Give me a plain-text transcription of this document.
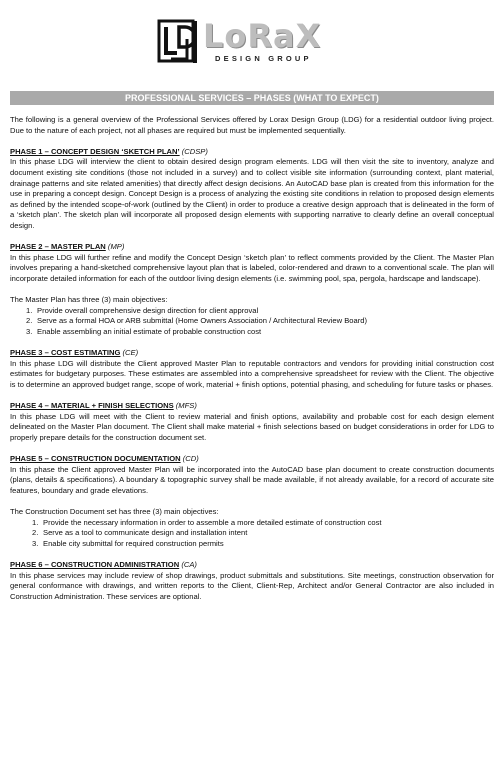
LoRaX
DESIGN GROUP
PROFESSIONAL SERVICES – PHASES (WHAT TO EXPECT)

The following is a general overview of the Professional Services offered by Lorax Design Group (LDG) for a residential outdoor living project. Due to the nature of each project, not all phases are required but must be implemented sequentially.

PHASE 1 – CONCEPT DESIGN ‘SKETCH PLAN’ (CDSP)

In this phase LDG will interview the client to obtain desired design program elements. LDG will then visit the site to inventory, analyze and document existing site conditions (those not included in a survey) and to collect visible site information (surrounding context, plant material, drainage patterns and site related amenities) that directly affect design decisions. An AutoCAD base plan is created from this information for the use in preparing a concept design. Concept Design is a process of analyzing the existing site conditions in relation to proposed design elements as defined by the intended scope-of-work (outlined by the Client) in order to produce a creative design approach that is delineated in the form of a ‘sketch plan’. The sketch plan will incorporate all proposed design elements with supporting narrative to clearly define an overall conceptual design.

PHASE 2 – MASTER PLAN (MP)

In this phase LDG will further refine and modify the Concept Design ‘sketch plan’ to reflect comments provided by the Client. The Master Plan involves preparing a hand-sketched comprehensive layout plan that is labeled, color-rendered and drawn to a conventional scale. The plan will incorporate detailed information for each of the outdoor living design elements (i.e. swimming pool, spa, pergola, hardscape and landscape).

The Master Plan has three (3) main objectives:

1. Provide overall comprehensive design direction for client approval
2. Serve as a formal HOA or ARB submittal (Home Owners Association / Architectural Review Board)
3. Enable assembling an initial estimate of probable construction cost

PHASE 3 – COST ESTIMATING (CE)

In this phase LDG will distribute the Client approved Master Plan to reputable contractors and vendors for providing initial construction cost estimates for budgetary purposes. These estimates are assembled into a comprehensive spreadsheet for review with the Client. The objective is to determine an approved budget range, scope of work, material + finish options, potential phasing, and scheduling for future tasks or phases.

PHASE 4 – MATERIAL + FINISH SELECTIONS (MFS)

In this phase LDG will meet with the Client to review material and finish options, availability and probable cost for each design element delineated on the Master Plan document. The Client shall make material + finish selections based on budget considerations in order for LDG to properly prepare details for the construction document set.

PHASE 5 – CONSTRUCTION DOCUMENTATION (CD)

In this phase the Client approved Master Plan will be incorporated into the AutoCAD base plan document to create construction documents (plans, details & specifications). A boundary & topographic survey shall be made available, if not already available, for a record of accurate site features, boundary and grade elevations.

The Construction Document set has three (3) main objectives:

1. Provide the necessary information in order to assemble a more detailed estimate of construction cost
2. Serve as a tool to communicate design and installation intent
3. Enable city submittal for required construction permits

PHASE 6 – CONSTRUCTION ADMINISTRATION (CA)

In this phase services may include review of shop drawings, product submittals and substitutions. Site meetings, construction observation for general conformance with drawings, and written reports to the Client, Client-Rep, Architect and/or General Contractor are also included in Construction Administration. These services are optional.
